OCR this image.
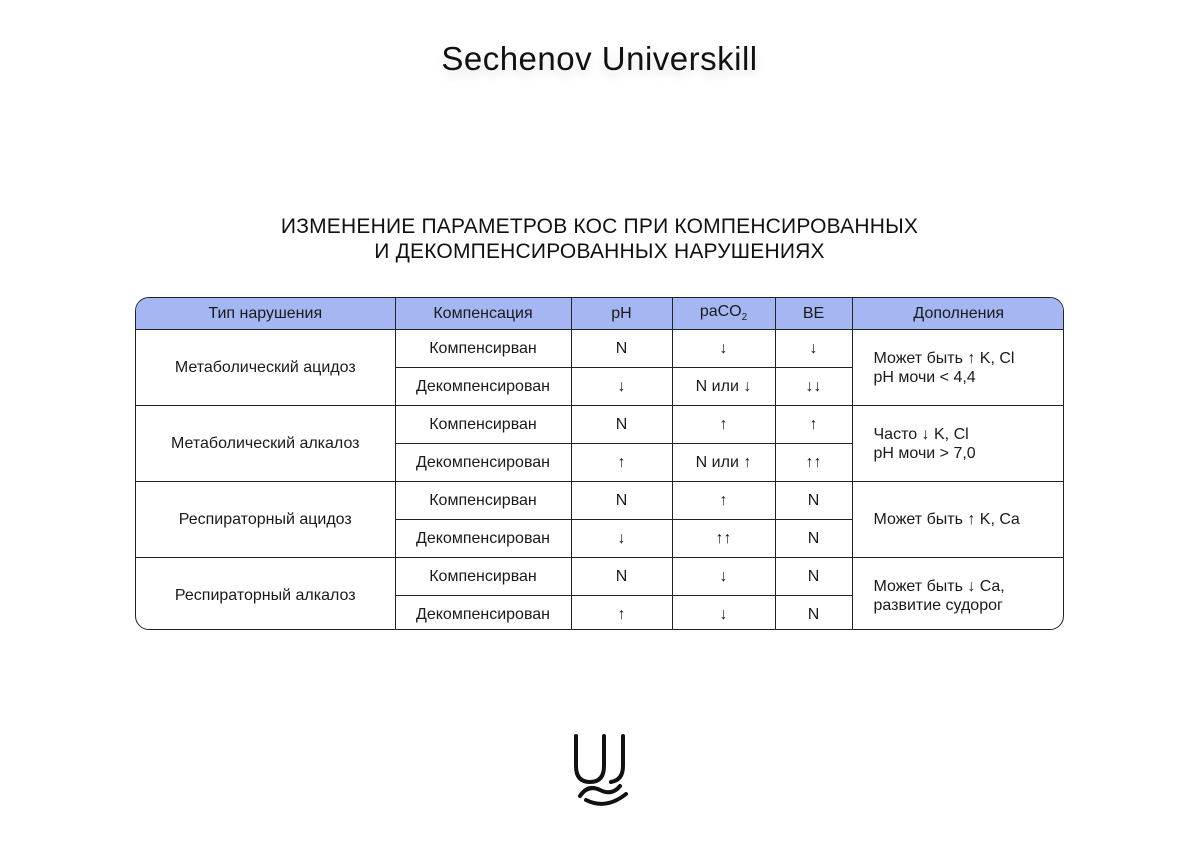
Sechenov Universkill
ИЗМЕНЕНИЕ ПАРАМЕТРОВ КОС ПРИ КОМПЕНСИРОВАННЫХ
И ДЕКОМПЕНСИРОВАННЫХ НАРУШЕНИЯХ
Тип нарушения	Компенсация	pH	paCO$_2$	BE	Дополнения
Метаболический ацидоз	Компенсирван	N	↓	↓	Может быть ↑ K, Cl
pH мочи < 4,4

	Декомпенсирован	↓	N или ↓	↓↓	
Метаболический алкалоз	Компенсирван	N	↑	↑	Часто ↓ K, Cl
pH мочи > 7,0

	Декомпенсирован	↑	N или ↑	↑↑	
Респираторный ацидоз	Компенсирван	N	↑	N	Может быть ↑ K, Ca

	Декомпенсирован	↓	↑↑	N	
Респираторный алкалоз	Компенсирван	N	↓	N	Может быть ↓ Ca,
развитие судорог

	Декомпенсирован	↑	↓	N	
